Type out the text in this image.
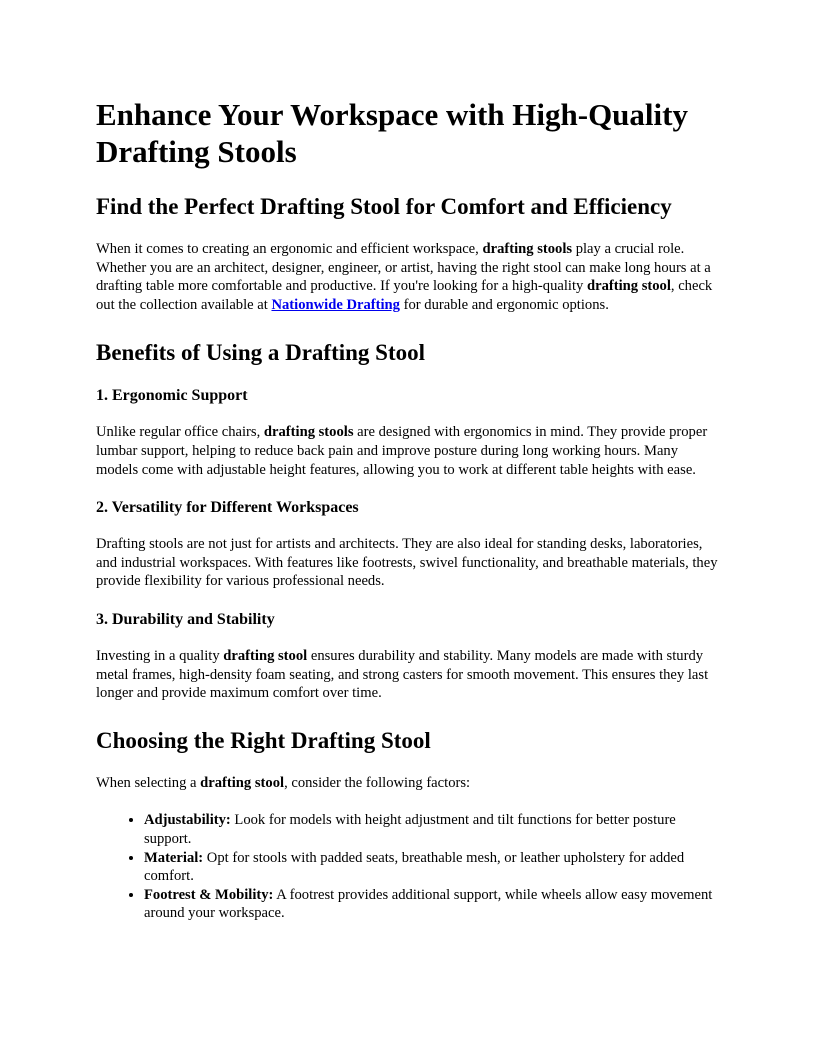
Enhance Your Workspace with High-Quality Drafting Stools
Find the Perfect Drafting Stool for Comfort and Efficiency

When it comes to creating an ergonomic and efficient workspace, drafting stools play a crucial role. Whether you are an architect, designer, engineer, or artist, having the right stool can make long hours at a drafting table more comfortable and productive. If you're looking for a high-quality drafting stool, check out the collection available at Nationwide Drafting for durable and ergonomic options.

Benefits of Using a Drafting Stool
1. Ergonomic Support

Unlike regular office chairs, drafting stools are designed with ergonomics in mind. They provide proper lumbar support, helping to reduce back pain and improve posture during long working hours. Many models come with adjustable height features, allowing you to work at different table heights with ease.

2. Versatility for Different Workspaces

Drafting stools are not just for artists and architects. They are also ideal for standing desks, laboratories, and industrial workspaces. With features like footrests, swivel functionality, and breathable materials, they provide flexibility for various professional needs.

3. Durability and Stability

Investing in a quality drafting stool ensures durability and stability. Many models are made with sturdy metal frames, high-density foam seating, and strong casters for smooth movement. This ensures they last longer and provide maximum comfort over time.

Choosing the Right Drafting Stool

When selecting a drafting stool, consider the following factors:

• Adjustability: Look for models with height adjustment and tilt functions for better posture support.
• Material: Opt for stools with padded seats, breathable mesh, or leather upholstery for added comfort.
• Footrest & Mobility: A footrest provides additional support, while wheels allow easy movement around your workspace.
